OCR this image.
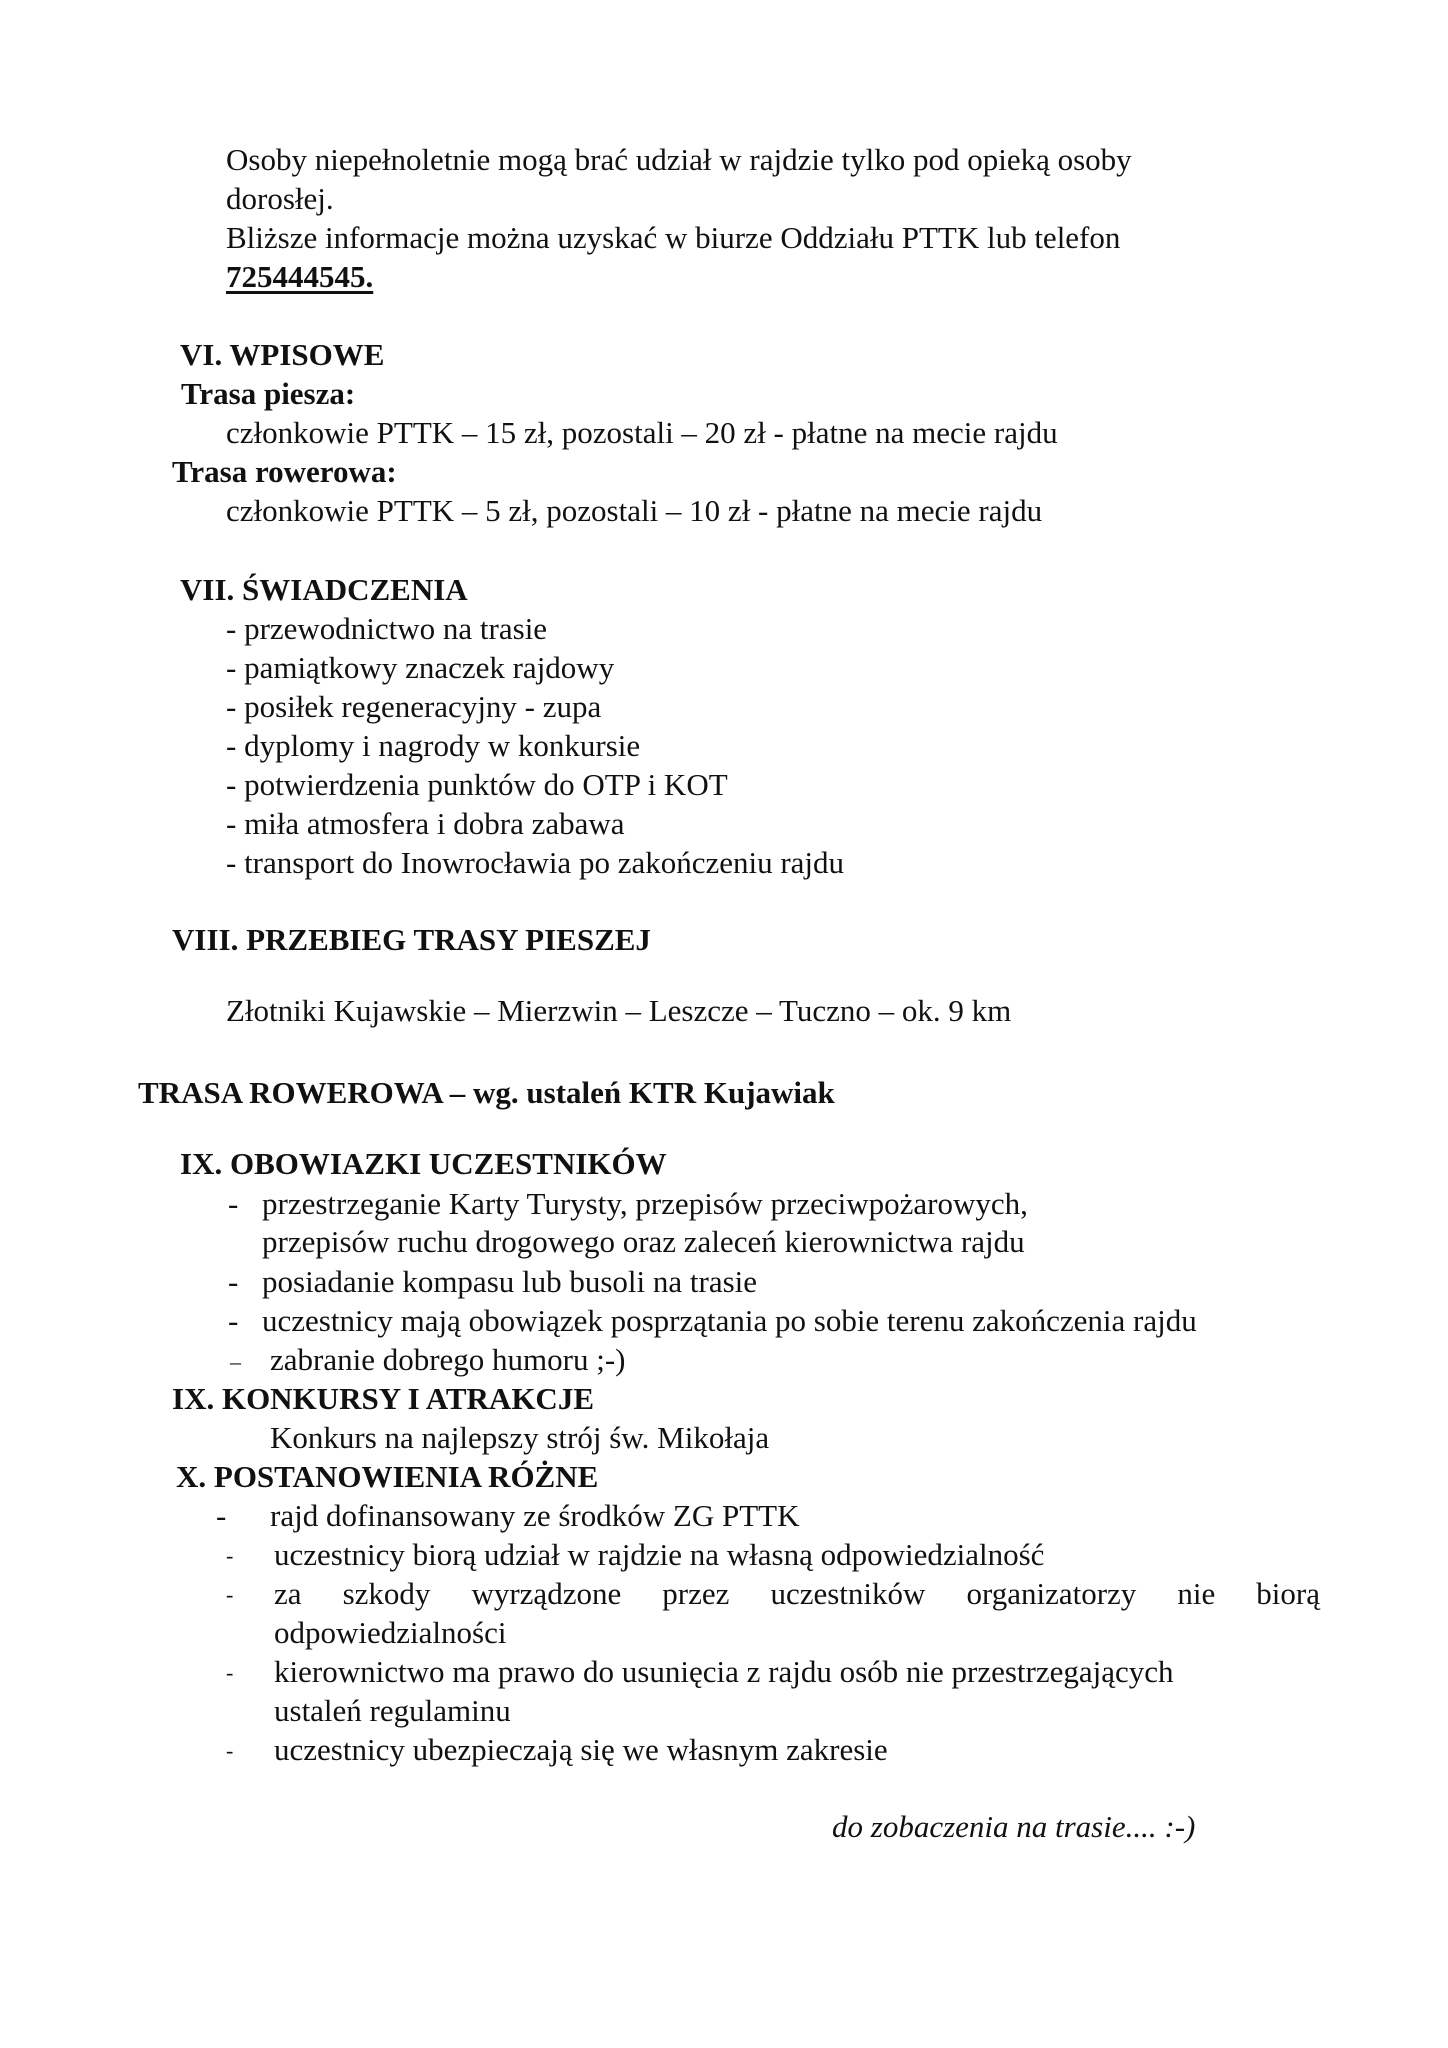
Osoby niepełnoletnie mogą brać udział w rajdzie tylko pod opieką osoby

dorosłej.

Bliższe informacje można uzyskać w biurze Oddziału PTTK lub telefon

725444545.

VI. WPISOWE

Trasa piesza:

członkowie PTTK – 15 zł, pozostali – 20 zł - płatne na mecie rajdu

Trasa rowerowa:

członkowie PTTK – 5 zł, pozostali – 10 zł - płatne na mecie rajdu

VII. ŚWIADCZENIA

- przewodnictwo na trasie

- pamiątkowy znaczek rajdowy

- posiłek regeneracyjny - zupa

- dyplomy i nagrody w konkursie

- potwierdzenia punktów do OTP i KOT

- miła atmosfera i dobra zabawa

- transport do Inowrocławia po zakończeniu rajdu

VIII. PRZEBIEG TRASY PIESZEJ

Złotniki Kujawskie – Mierzwin – Leszcze – Tuczno – ok. 9 km

TRASA ROWEROWA – wg. ustaleń KTR Kujawiak

IX. OBOWIAZKI UCZESTNIKÓW

- przestrzeganie Karty Turysty, przepisów przeciwpożarowych,

przepisów ruchu drogowego oraz zaleceń kierownictwa rajdu

- posiadanie kompasu lub busoli na trasie

- uczestnicy mają obowiązek posprzątania po sobie terenu zakończenia rajdu

– zabranie dobrego humoru ;-)

IX. KONKURSY I ATRAKCJE

Konkurs na najlepszy strój św. Mikołaja

X. POSTANOWIENIA RÓŻNE

- rajd dofinansowany ze środków ZG PTTK

- uczestnicy biorą udział w rajdzie na własną odpowiedzialność

- za szkody wyrządzone przez uczestników organizatorzy nie biorą

odpowiedzialności

- kierownictwo ma prawo do usunięcia z rajdu osób nie przestrzegających

ustaleń regulaminu

- uczestnicy ubezpieczają się we własnym zakresie

do zobaczenia na trasie.... :-)
